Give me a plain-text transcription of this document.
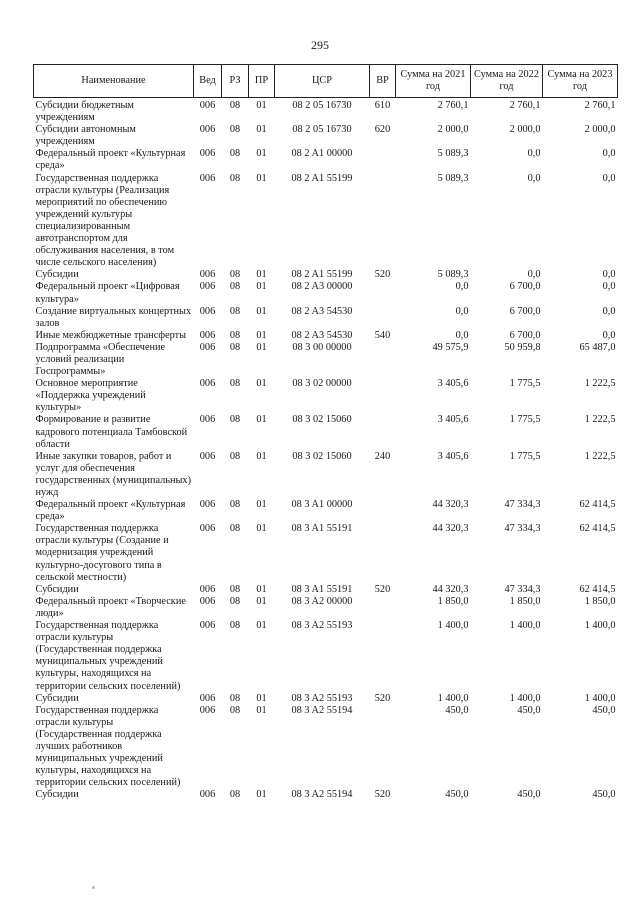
295
Наименование	Вед	РЗ	ПР	ЦСР	ВР	Сумма на 2021 год	Сумма на 2022 год	Сумма на 2023 год
Субсидии бюджетным учреждениям	006	08	01	08 2 05 16730	610	2 760,1	2 760,1	2 760,1
Субсидии автономным учреждениям	006	08	01	08 2 05 16730	620	2 000,0	2 000,0	2 000,0
Федеральный проект «Культурная среда»	006	08	01	08 2 A1 00000		5 089,3	0,0	0,0
Государственная поддержка отрасли культуры (Реализация мероприятий по обеспечению учреждений культуры специализированным автотранспортом для обслуживания населения, в том числе сельского населения)	006	08	01	08 2 A1 55199		5 089,3	0,0	0,0
Субсидии	006	08	01	08 2 A1 55199	520	5 089,3	0,0	0,0
Федеральный проект «Цифровая культура»	006	08	01	08 2 A3 00000		0,0	6 700,0	0,0
Создание виртуальных концертных залов	006	08	01	08 2 A3 54530		0,0	6 700,0	0,0
Иные межбюджетные трансферты	006	08	01	08 2 A3 54530	540	0,0	6 700,0	0,0
Подпрограмма «Обеспечение условий реализации Госпрограммы»	006	08	01	08 3 00 00000		49 575,9	50 959,8	65 487,0
Основное мероприятие «Поддержка учреждений культуры»	006	08	01	08 3 02 00000		3 405,6	1 775,5	1 222,5
Формирование и развитие кадрового потенциала Тамбовской области	006	08	01	08 3 02 15060		3 405,6	1 775,5	1 222,5
Иные закупки товаров, работ и услуг для обеспечения государственных (муниципальных) нужд	006	08	01	08 3 02 15060	240	3 405,6	1 775,5	1 222,5
Федеральный проект «Культурная среда»	006	08	01	08 3 A1 00000		44 320,3	47 334,3	62 414,5
Государственная поддержка отрасли культуры (Создание и модернизация учреждений культурно-досугового типа в сельской местности)	006	08	01	08 3 A1 55191		44 320,3	47 334,3	62 414,5
Субсидии	006	08	01	08 3 A1 55191	520	44 320,3	47 334,3	62 414,5
Федеральный проект «Творческие люди»	006	08	01	08 3 A2 00000		1 850,0	1 850,0	1 850,0
Государственная поддержка отрасли культуры (Государственная поддержка муниципальных учреждений культуры, находящихся на территории сельских поселений)	006	08	01	08 3 A2 55193		1 400,0	1 400,0	1 400,0
Субсидии	006	08	01	08 3 A2 55193	520	1 400,0	1 400,0	1 400,0
Государственная поддержка отрасли культуры (Государственная поддержка лучших работников муниципальных учреждений культуры, находящихся на территории сельских поселений)	006	08	01	08 3 A2 55194		450,0	450,0	450,0
Субсидии	006	08	01	08 3 A2 55194	520	450,0	450,0	450,0
